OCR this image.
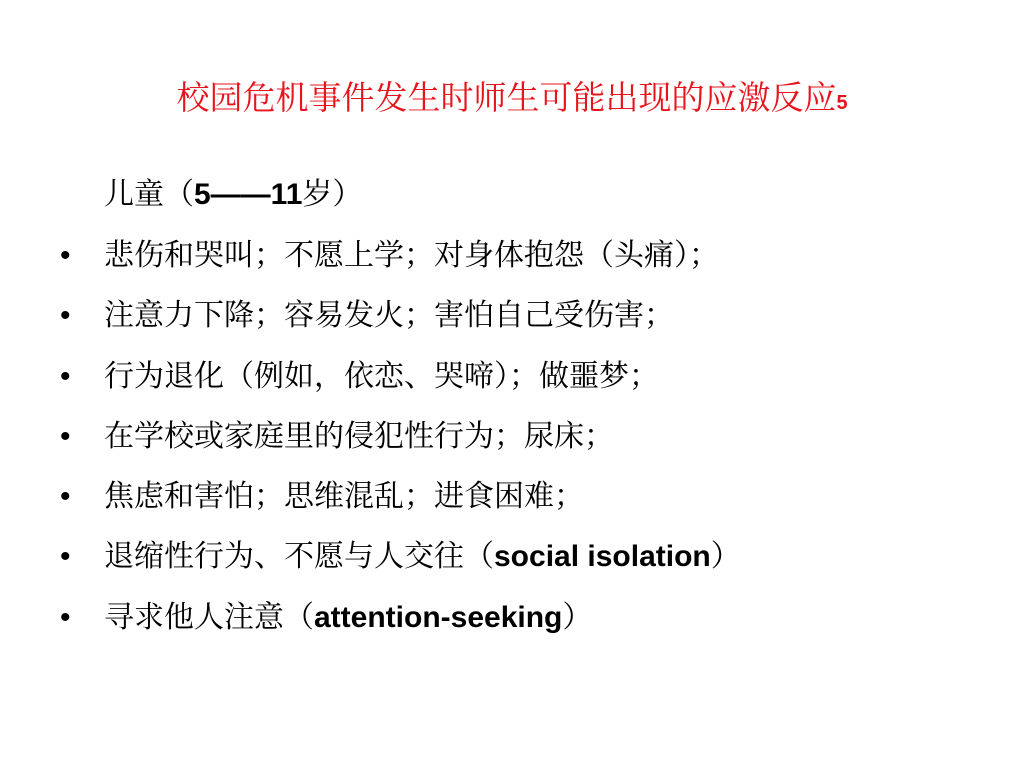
校园危机事件发生时师生可能出现的应激反应5
儿童（5——11岁）
•	悲伤和哭叫；不愿上学；对身体抱怨（头痛）；
•	注意力下降；容易发火；害怕自己受伤害；
•	行为退化（例如，依恋、哭啼）；做噩梦；
•	在学校或家庭里的侵犯性行为；尿床；
•	焦虑和害怕；思维混乱；进食困难；
•	退缩性行为、不愿与人交往（social isolation）
•	寻求他人注意（attention-seeking）
